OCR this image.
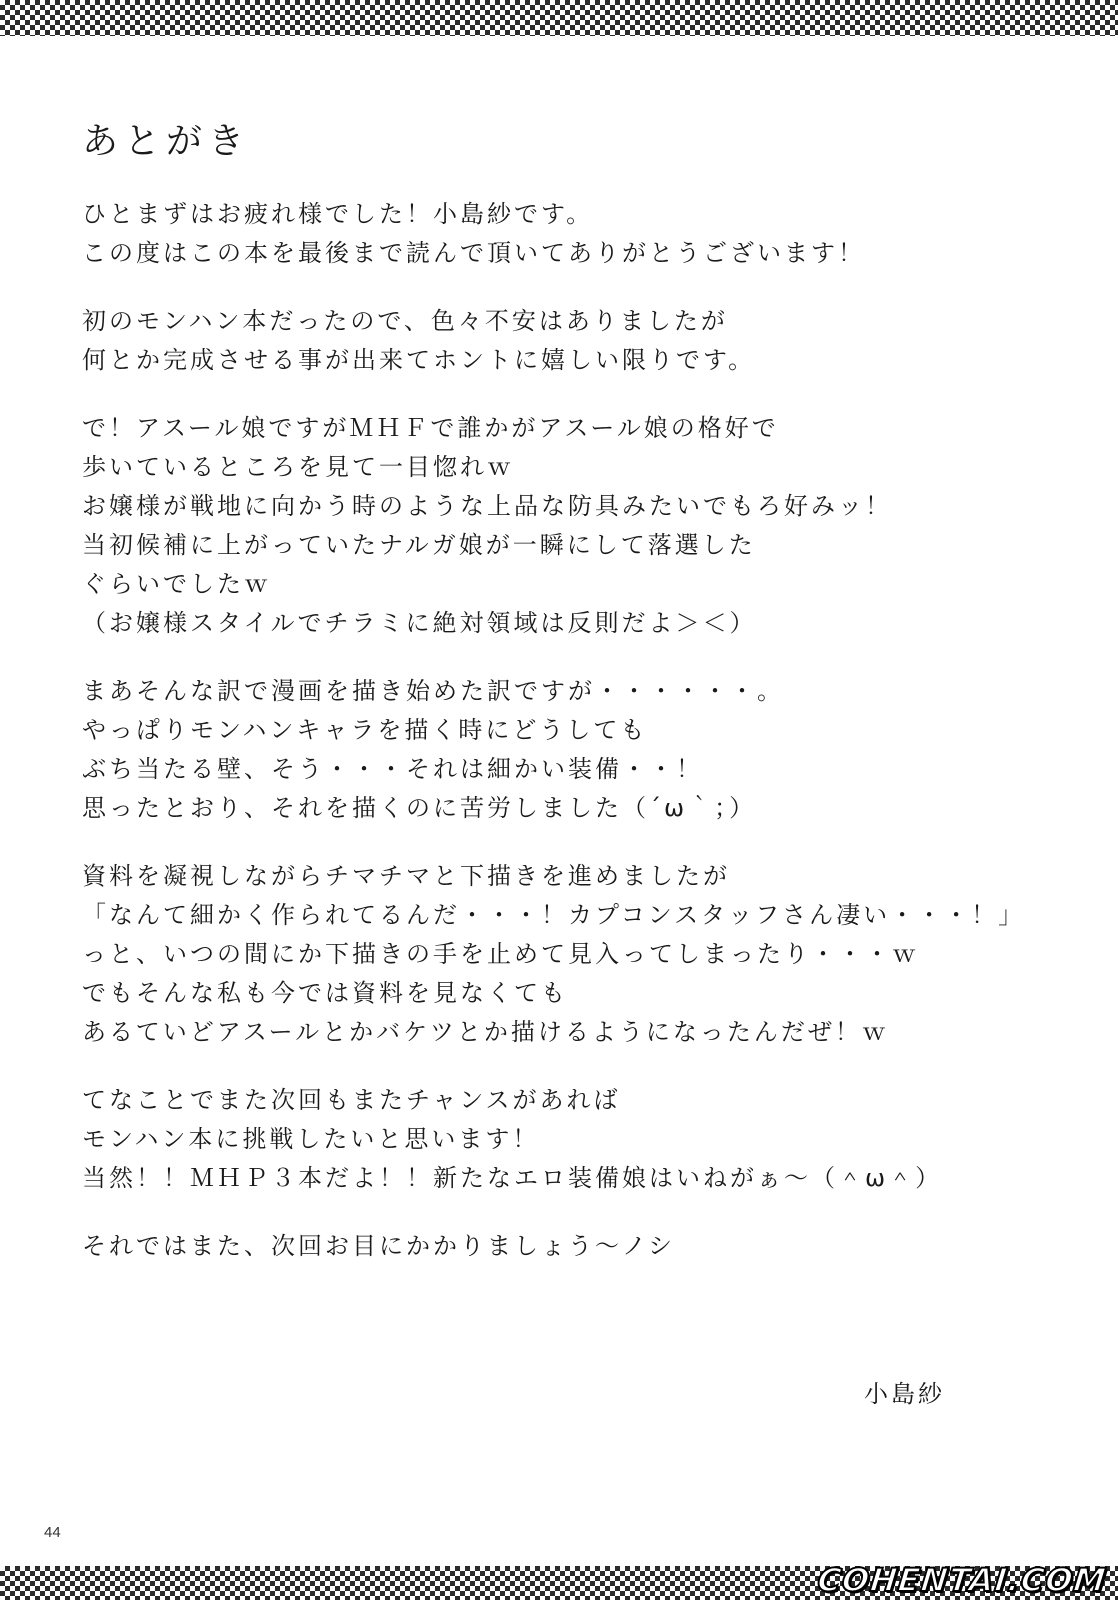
あとがき
ひとまずはお疲れ様でした！小島紗です。
この度はこの本を最後まで読んで頂いてありがとうございます！
初のモンハン本だったので、色々不安はありましたが
何とか完成させる事が出来てホントに嬉しい限りです。
で！アスール娘ですがＭＨＦで誰かがアスール娘の格好で
歩いているところを見て一目惚れｗ
お嬢様が戦地に向かう時のような上品な防具みたいでもろ好みッ！
当初候補に上がっていたナルガ娘が一瞬にして落選した
ぐらいでしたｗ
（お嬢様スタイルでチラミに絶対領域は反則だよ＞＜）
まあそんな訳で漫画を描き始めた訳ですが・・・・・・。
やっぱりモンハンキャラを描く時にどうしても
ぶち当たる壁、そう・・・それは細かい装備・・！
思ったとおり、それを描くのに苦労しました（´ω｀；）
資料を凝視しながらチマチマと下描きを進めましたが
「なんて細かく作られてるんだ・・・！カプコンスタッフさん凄い・・・！」
っと、いつの間にか下描きの手を止めて見入ってしまったり・・・ｗ
でもそんな私も今では資料を見なくても
あるていどアスールとかバケツとか描けるようになったんだぜ！ｗ
てなことでまた次回もまたチャンスがあれば
モンハン本に挑戦したいと思います！
当然！！ＭＨＰ３本だよ！！新たなエロ装備娘はいねがぁ～（＾ω＾）
それではまた、次回お目にかかりましょう～ノシ
小島紗
44
COHENTAI.COM
